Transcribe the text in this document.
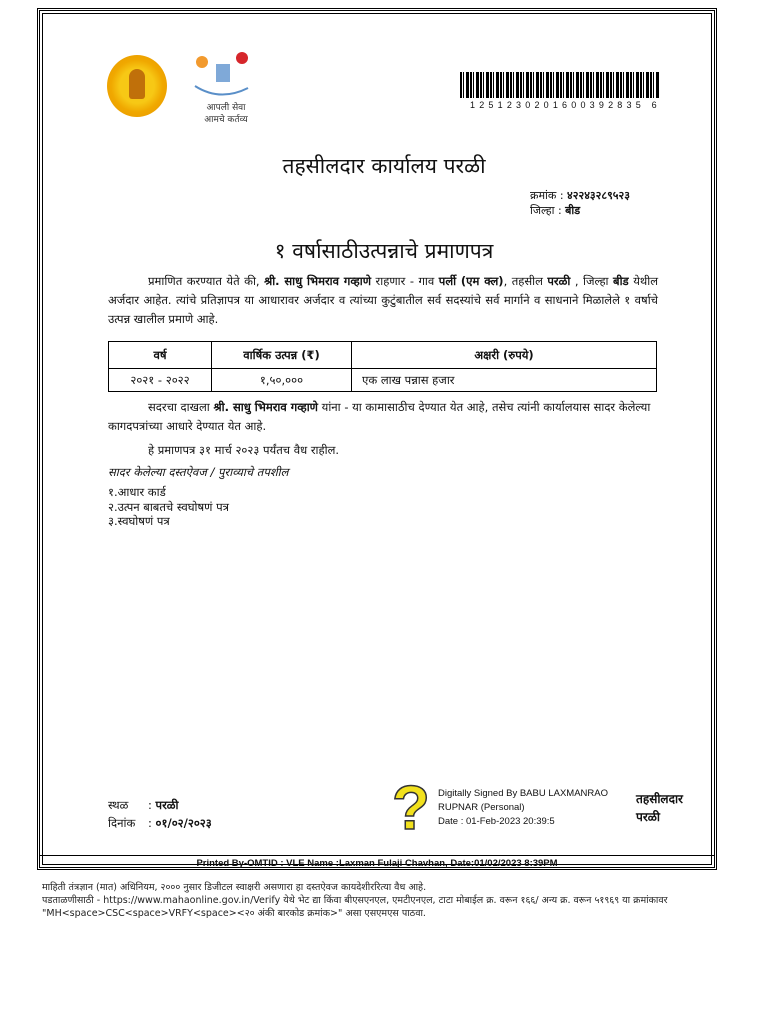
आपली सेवा
आमचे कर्तव्य
1251230201600392835 6
तहसीलदार कार्यालय परळी
क्रमांक : ४२२४३२८९५२३
जिल्हा : बीड
१ वर्षासाठीउत्पन्नाचे प्रमाणपत्र
प्रमाणित करण्यात येते की, श्री. साधु भिमराव गव्हाणे राहणार - गाव पर्ली (एम क्ल), तहसील परळी , जिल्हा बीड येथील अर्जदार आहेत. त्यांचे प्रतिज्ञापत्र या आधारावर अर्जदार व त्यांच्या कुटुंबातील सर्व सदस्यांचे सर्व मार्गाने व साधनाने मिळालेले १ वर्षाचे उत्पन्न खालील प्रमाणे आहे.
वर्ष	वार्षिक उत्पन्न (₹)	अक्षरी (रुपये)
२०२१ - २०२२	१,५०,०००	एक लाख पन्नास हजार
सदरचा दाखला श्री. साधु भिमराव गव्हाणे यांना - या कामासाठीच देण्यात येत आहे, तसेच त्यांनी कार्यालयास सादर केलेल्या कागदपत्रांच्या आधारे देण्यात येत आहे.
हे प्रमाणपत्र ३१ मार्च २०२३ पर्यंतच वैध राहील.
सादर केलेल्या दस्तऐवज / पुराव्याचे तपशील
१.आधार कार्ड
२.उत्पन बाबतचे स्वघोषणं पत्र
३.स्वघोषणं पत्र
स्थळ : परळी
दिनांक : ०१/०२/२०२३	? Digitally Signed By BABU LAXMANRAO
RUPNAR (Personal)
Date : 01-Feb-2023 20:39:5
तहसीलदार
परळी
Printed By-OMTID : VLE Name :Laxman Fulaji Chavhan, Date:01/02/2023 8:39PM
माहिती तंत्रज्ञान (मात) अधिनियम, २००० नुसार डिजीटल स्वाक्षरी असणारा हा दस्तऐवज कायदेशीररित्या वैध आहे.
पडताळणीसाठी - https://www.mahaonline.gov.in/Verify येथे भेट द्या किंवा बीएसएनएल, एमटीएनएल, टाटा मोबाईल क्र. वरून १६६/ अन्य क्र. वरून ५१९६९ या क्रमांकावर
"MH<space>CSC<space>VRFY<space><२० अंकी बारकोड क्रमांक>" असा एसएमएस पाठवा.
